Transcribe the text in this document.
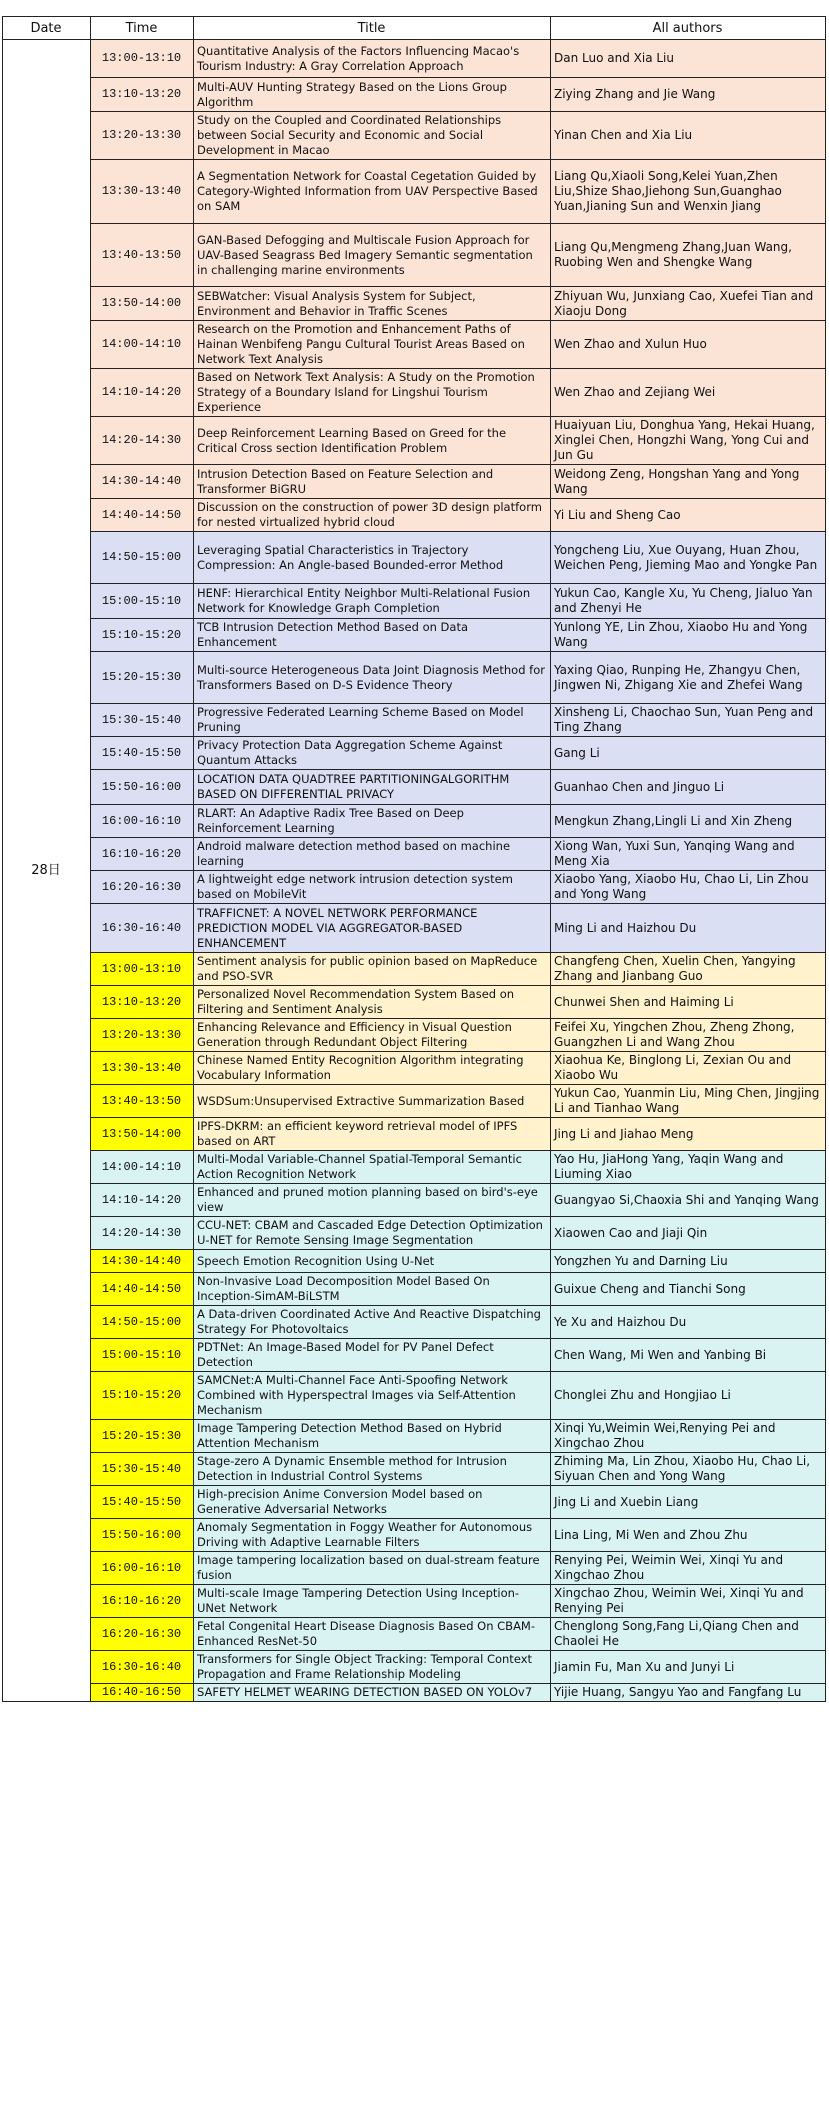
Date	Time	Title	All authors
28日	13:00-13:10	Quantitative Analysis of the Factors Influencing Macao's Tourism Industry: A Gray Correlation Approach	Dan Luo and Xia Liu
	13:10-13:20	Multi-AUV Hunting Strategy Based on the Lions Group Algorithm	Ziying Zhang and Jie Wang
	13:20-13:30	Study on the Coupled and Coordinated Relationships between Social Security and Economic and Social Development in Macao	Yinan Chen and Xia Liu
	13:30-13:40	A Segmentation Network for Coastal Cegetation Guided by Category-Wighted Information from UAV Perspective Based on SAM	Liang Qu,Xiaoli Song,Kelei Yuan,Zhen Liu,Shize Shao,Jiehong Sun,Guanghao Yuan,Jianing Sun and Wenxin Jiang
	13:40-13:50	GAN-Based Defogging and Multiscale Fusion Approach for UAV-Based Seagrass Bed Imagery Semantic segmentation in challenging marine environments	Liang Qu,Mengmeng Zhang,Juan Wang, Ruobing Wen and Shengke Wang
	13:50-14:00	SEBWatcher: Visual Analysis System for Subject, Environment and Behavior in Traffic Scenes	Zhiyuan Wu, Junxiang Cao, Xuefei Tian and Xiaoju Dong
	14:00-14:10	Research on the Promotion and Enhancement Paths of Hainan Wenbifeng Pangu Cultural Tourist Areas Based on Network Text Analysis	Wen Zhao and Xulun Huo
	14:10-14:20	Based on Network Text Analysis: A Study on the Promotion Strategy of a Boundary Island for Lingshui Tourism Experience	Wen Zhao and Zejiang Wei
	14:20-14:30	Deep Reinforcement Learning Based on Greed for the Critical Cross section Identification Problem	Huaiyuan Liu, Donghua Yang, Hekai Huang, Xinglei Chen, Hongzhi Wang, Yong Cui and Jun Gu
	14:30-14:40	Intrusion Detection Based on Feature Selection and Transformer BiGRU	Weidong Zeng, Hongshan Yang and Yong Wang
	14:40-14:50	Discussion on the construction of power 3D design platform for nested virtualized hybrid cloud	Yi Liu and Sheng Cao
	14:50-15:00	Leveraging Spatial Characteristics in Trajectory Compression: An Angle-based Bounded-error Method	Yongcheng Liu, Xue Ouyang, Huan Zhou, Weichen Peng, Jieming Mao and Yongke Pan
	15:00-15:10	HENF: Hierarchical Entity Neighbor Multi-Relational Fusion Network for Knowledge Graph Completion	Yukun Cao, Kangle Xu, Yu Cheng, Jialuo Yan and Zhenyi He
	15:10-15:20	TCB Intrusion Detection Method Based on Data Enhancement	Yunlong YE, Lin Zhou, Xiaobo Hu and Yong Wang
	15:20-15:30	Multi-source Heterogeneous Data Joint Diagnosis Method for Transformers Based on D-S Evidence Theory	Yaxing Qiao, Runping He, Zhangyu Chen, Jingwen Ni, Zhigang Xie and Zhefei Wang
	15:30-15:40	Progressive Federated Learning Scheme Based on Model Pruning	Xinsheng Li, Chaochao Sun, Yuan Peng and Ting Zhang
	15:40-15:50	Privacy Protection Data Aggregation Scheme Against Quantum Attacks	Gang Li
	15:50-16:00	LOCATION DATA QUADTREE PARTITIONINGALGORITHM BASED ON DIFFERENTIAL PRIVACY	Guanhao Chen and Jinguo Li
	16:00-16:10	RLART: An Adaptive Radix Tree Based on Deep Reinforcement Learning	Mengkun Zhang,Lingli Li and Xin Zheng
	16:10-16:20	Android malware detection method based on machine learning	Xiong Wan, Yuxi Sun, Yanqing Wang and Meng Xia
	16:20-16:30	A lightweight edge network intrusion detection system based on MobileVit	Xiaobo Yang, Xiaobo Hu, Chao Li, Lin Zhou and Yong Wang
	16:30-16:40	TRAFFICNET: A NOVEL NETWORK PERFORMANCE PREDICTION MODEL VIA AGGREGATOR-BASED ENHANCEMENT	Ming Li and Haizhou Du
	13:00-13:10	Sentiment analysis for public opinion based on MapReduce and PSO-SVR	Changfeng Chen, Xuelin Chen, Yangying Zhang and Jianbang Guo
	13:10-13:20	Personalized Novel Recommendation System Based on Filtering and Sentiment Analysis	Chunwei Shen and Haiming Li
	13:20-13:30	Enhancing Relevance and Efficiency in Visual Question Generation through Redundant Object Filtering	Feifei Xu, Yingchen Zhou, Zheng Zhong, Guangzhen Li and Wang Zhou
	13:30-13:40	Chinese Named Entity Recognition Algorithm integrating Vocabulary Information	Xiaohua Ke, Binglong Li, Zexian Ou and Xiaobo Wu
	13:40-13:50	WSDSum:Unsupervised Extractive Summarization Based	Yukun Cao, Yuanmin Liu, Ming Chen, Jingjing Li and Tianhao Wang
	13:50-14:00	IPFS-DKRM: an efficient keyword retrieval model of IPFS based on ART	Jing Li and Jiahao Meng
	14:00-14:10	Multi-Modal Variable-Channel Spatial-Temporal Semantic Action Recognition Network	Yao Hu, JiaHong Yang, Yaqin Wang and Liuming Xiao
	14:10-14:20	Enhanced and pruned motion planning based on bird's-eye view	Guangyao Si,Chaoxia Shi and Yanqing Wang
	14:20-14:30	CCU-NET: CBAM and Cascaded Edge Detection Optimization U-NET for Remote Sensing Image Segmentation	Xiaowen Cao and Jiaji Qin
	14:30-14:40	Speech Emotion Recognition Using U-Net	Yongzhen Yu and Darning Liu
	14:40-14:50	Non-Invasive Load Decomposition Model Based On Inception-SimAM-BiLSTM	Guixue Cheng and Tianchi Song
	14:50-15:00	A Data-driven Coordinated Active And Reactive Dispatching Strategy For Photovoltaics	Ye Xu and Haizhou Du
	15:00-15:10	PDTNet: An Image-Based Model for PV Panel Defect Detection	Chen Wang, Mi Wen and Yanbing Bi
	15:10-15:20	SAMCNet:A Multi-Channel Face Anti-Spoofing Network Combined with Hyperspectral Images via Self-Attention Mechanism	Chonglei Zhu and Hongjiao Li
	15:20-15:30	Image Tampering Detection Method Based on Hybrid Attention Mechanism	Xinqi Yu,Weimin Wei,Renying Pei and Xingchao Zhou
	15:30-15:40	Stage-zero A Dynamic Ensemble method for Intrusion Detection in Industrial Control Systems	Zhiming Ma, Lin Zhou, Xiaobo Hu, Chao Li, Siyuan Chen and Yong Wang
	15:40-15:50	High-precision Anime Conversion Model based on Generative Adversarial Networks	Jing Li and Xuebin Liang
	15:50-16:00	Anomaly Segmentation in Foggy Weather for Autonomous Driving with Adaptive Learnable Filters	Lina Ling, Mi Wen and Zhou Zhu
	16:00-16:10	Image tampering localization based on dual-stream feature fusion	Renying Pei, Weimin Wei, Xinqi Yu and Xingchao Zhou
	16:10-16:20	Multi-scale Image Tampering Detection Using Inception-UNet Network	Xingchao Zhou, Weimin Wei, Xinqi Yu and Renying Pei
	16:20-16:30	Fetal Congenital Heart Disease Diagnosis Based On CBAM-Enhanced ResNet-50	Chenglong Song,Fang Li,Qiang Chen and Chaolei He
	16:30-16:40	Transformers for Single Object Tracking: Temporal Context Propagation and Frame Relationship Modeling	Jiamin Fu, Man Xu and Junyi Li
	16:40-16:50	SAFETY HELMET WEARING DETECTION BASED ON YOLOv7	Yijie Huang, Sangyu Yao and Fangfang Lu
